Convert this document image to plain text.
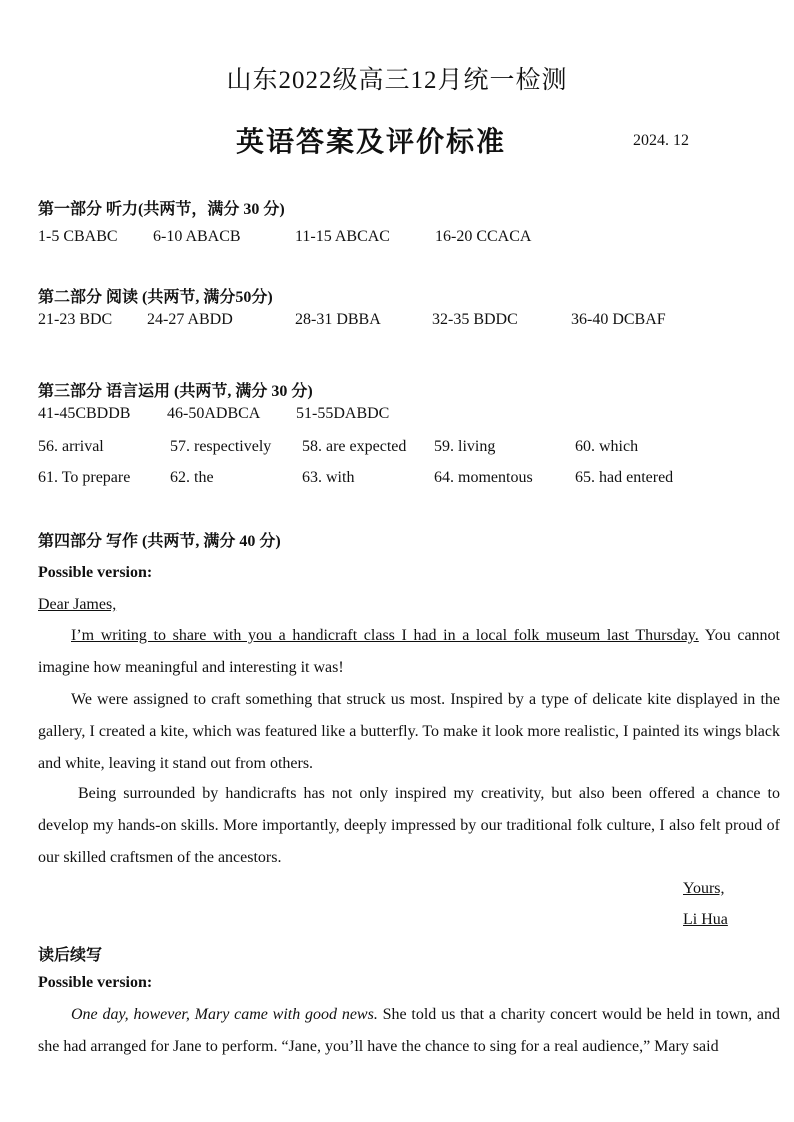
山东2022级高三12月统一检测
英语答案及评价标准	2024. 12
第一部分 听力(共两节，满分 30 分)
1-5 CBABC 6-10 ABACB	11-15 ABCAC	16-20 CCACA
第二部分 阅读 (共两节, 满分50分)
21-23 BDC 24-27 ABDD	28-31 DBBA	32-35 BDDC	36-40 DCBAF
第三部分 语言运用 (共两节, 满分 30 分)
41-45CBDDB 46-50ADBCA 51-55DABDC
56. arrival	57. respectively 58. are expected 59. living	60. which
61. To prepare 62. the	63. with	64. momentous	65. had entered
第四部分 写作 (共两节, 满分 40 分)
Possible version:
Dear James,
I’m writing to share with you a handicraft class I had in a local folk museum last Thursday. You cannot imagine how meaningful and interesting it was!
We were assigned to craft something that struck us most. Inspired by a type of delicate kite displayed in the gallery, I created a kite, which was featured like a butterfly. To make it look more realistic, I painted its wings black and white, leaving it stand out from others.
Being surrounded by handicrafts has not only inspired my creativity, but also been offered a chance to develop my hands-on skills. More importantly, deeply impressed by our traditional folk culture, I also felt proud of our skilled craftsmen of the ancestors.
Yours,
Li Hua
读后续写
Possible version:
One day, however, Mary came with good news. She told us that a charity concert would be held in town, and she had arranged for Jane to perform. “Jane, you’ll have the chance to sing for a real audience,” Mary said
